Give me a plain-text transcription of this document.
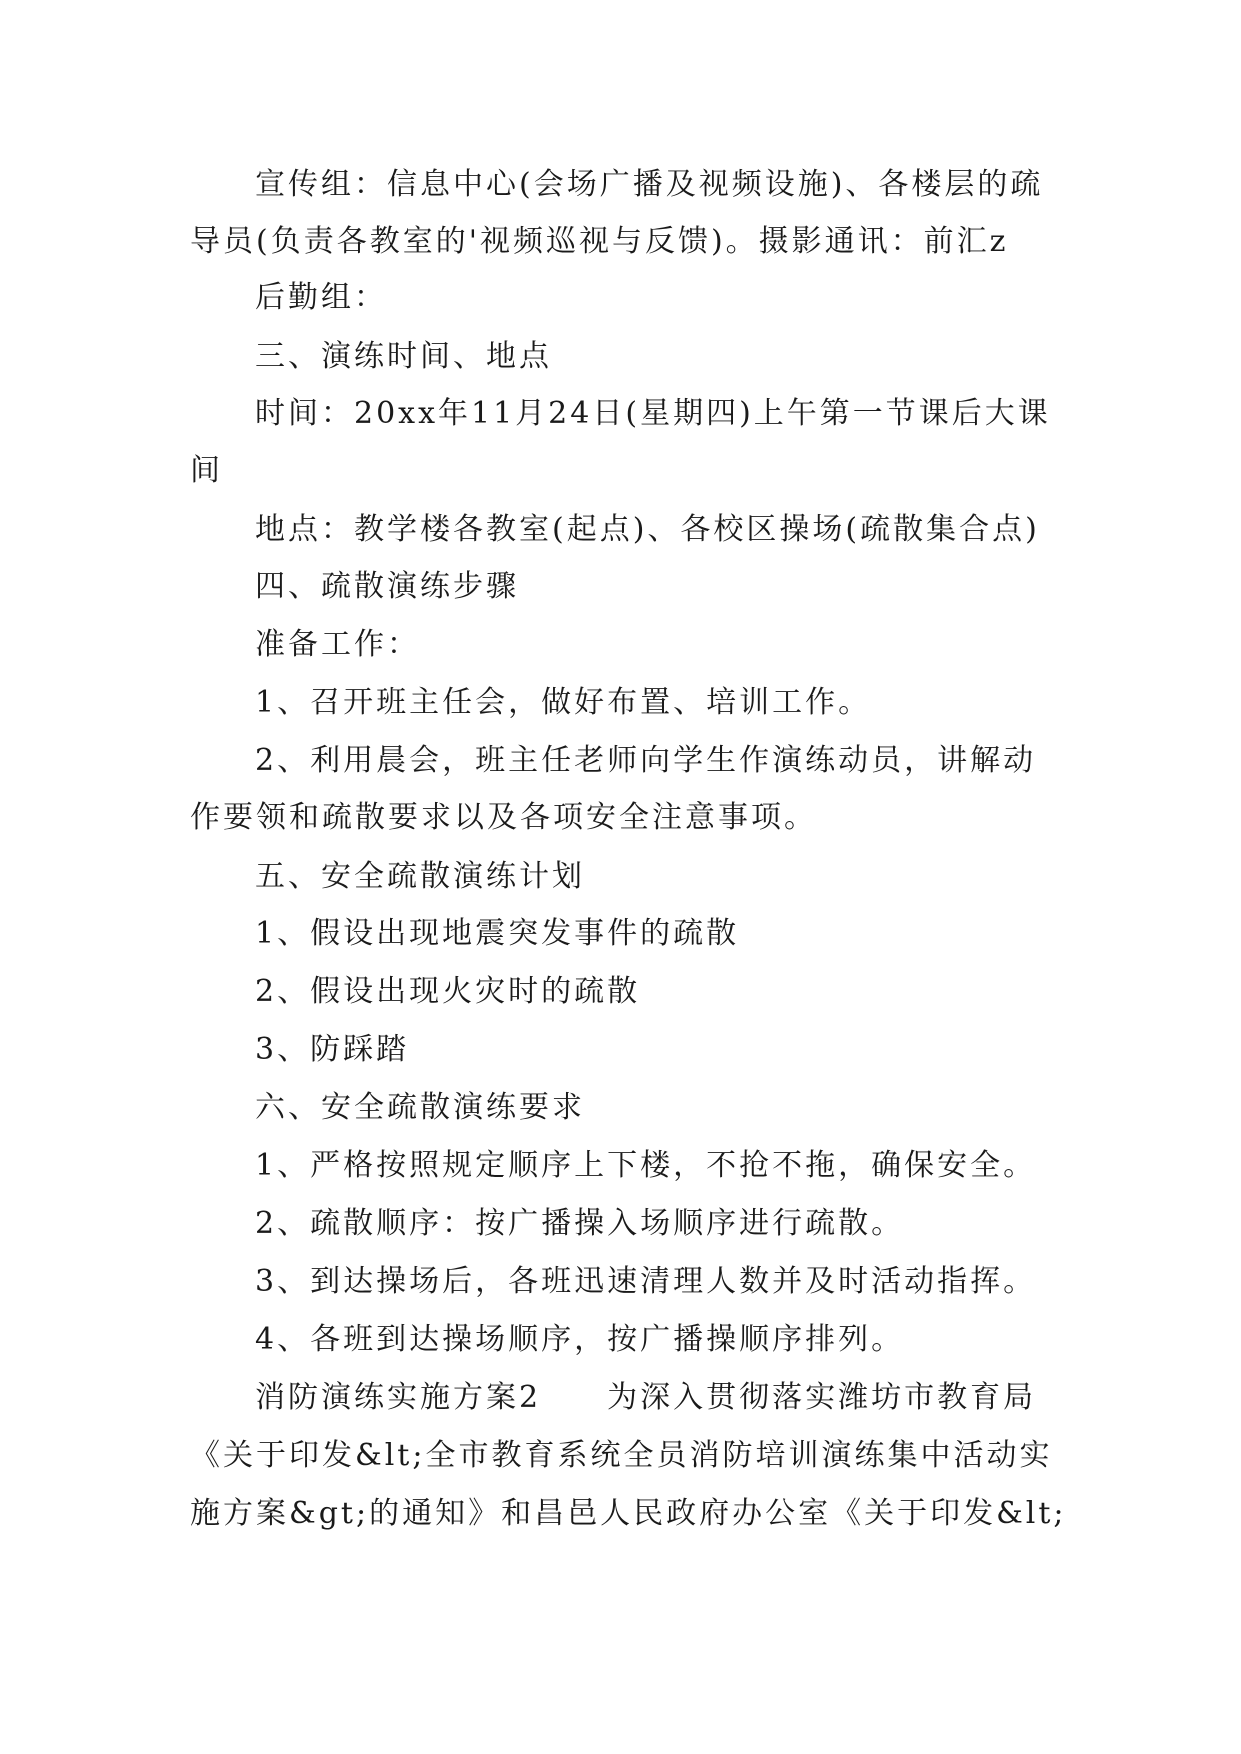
宣传组：信息中心(会场广播及视频设施)、各楼层的疏
导员(负责各教室的'视频巡视与反馈)。摄影通讯：前汇z
后勤组：
三、演练时间、地点
时间：20xx年11月24日(星期四)上午第一节课后大课
间
地点：教学楼各教室(起点)、各校区操场(疏散集合点)
四、疏散演练步骤
准备工作：
1、召开班主任会，做好布置、培训工作。
2、利用晨会，班主任老师向学生作演练动员，讲解动
作要领和疏散要求以及各项安全注意事项。
五、安全疏散演练计划
1、假设出现地震突发事件的疏散
2、假设出现火灾时的疏散
3、防踩踏
六、安全疏散演练要求
1、严格按照规定顺序上下楼，不抢不拖，确保安全。
2、疏散顺序：按广播操入场顺序进行疏散。
3、到达操场后，各班迅速清理人数并及时活动指挥。
4、各班到达操场顺序，按广播操顺序排列。
消防演练实施方案2　　为深入贯彻落实潍坊市教育局
《关于印发&lt;全市教育系统全员消防培训演练集中活动实
施方案&gt;的通知》和昌邑人民政府办公室《关于印发&lt;
